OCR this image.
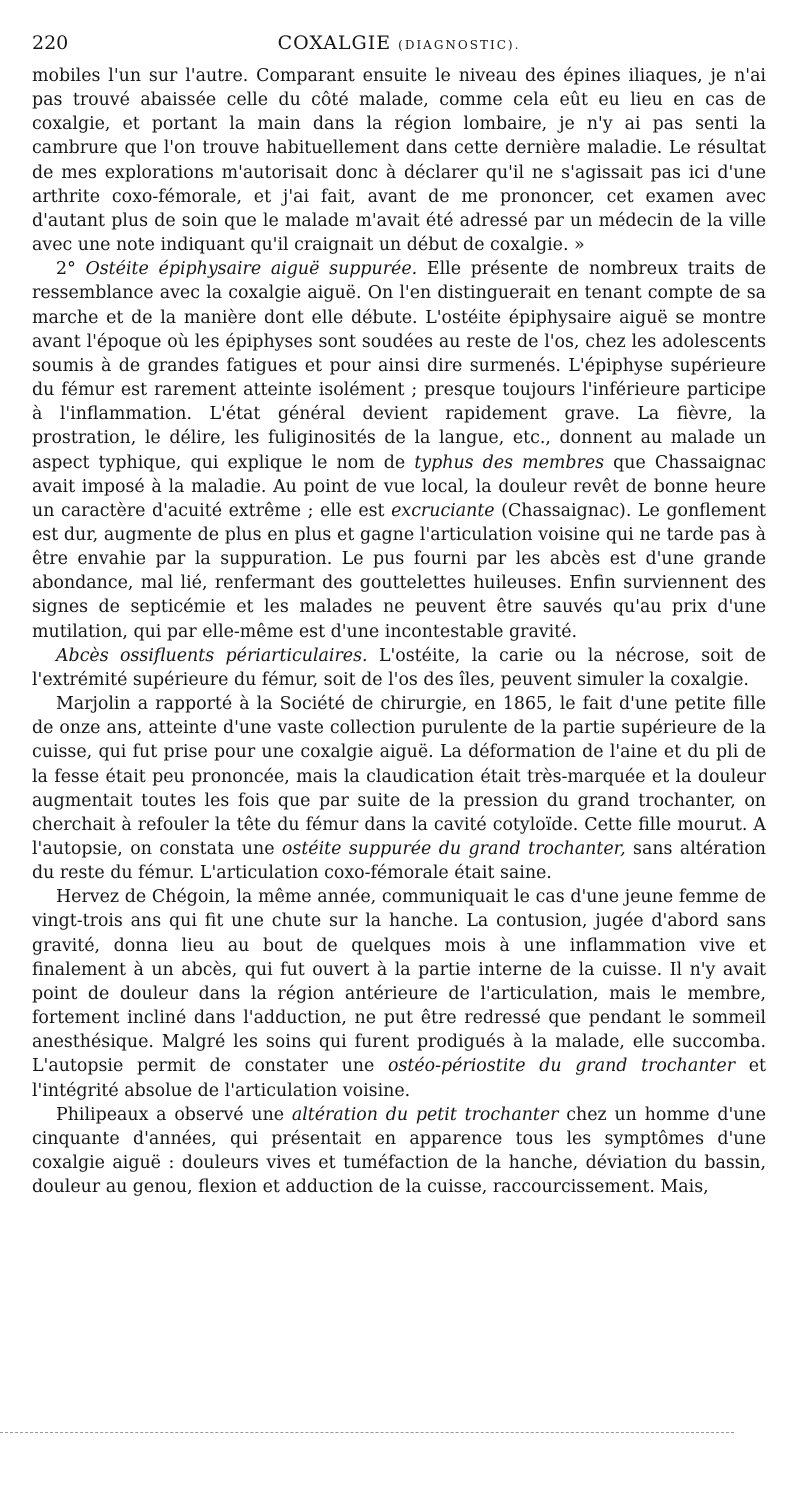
220	COXALGIE (DIAGNOSTIC).

mobiles l'un sur l'autre. Comparant ensuite le niveau des épines iliaques, je n'ai pas trouvé abaissée celle du côté malade, comme cela eût eu lieu en cas de coxalgie, et portant la main dans la région lombaire, je n'y ai pas senti la cambrure que l'on trouve habituellement dans cette dernière maladie. Le résultat de mes explorations m'autorisait donc à déclarer qu'il ne s'agissait pas ici d'une arthrite coxo-fémorale, et j'ai fait, avant de me prononcer, cet examen avec d'autant plus de soin que le malade m'avait été adressé par un médecin de la ville avec une note indiquant qu'il craignait un début de coxalgie. »

2° Ostéite épiphysaire aiguë suppurée. Elle présente de nombreux traits de ressemblance avec la coxalgie aiguë. On l'en distinguerait en tenant compte de sa marche et de la manière dont elle débute. L'ostéite épiphysaire aiguë se montre avant l'époque où les épiphyses sont soudées au reste de l'os, chez les adolescents soumis à de grandes fatigues et pour ainsi dire surmenés. L'épiphyse supérieure du fémur est rarement atteinte isolément ; presque toujours l'inférieure participe à l'inflammation. L'état général devient rapidement grave. La fièvre, la prostration, le délire, les fuliginosités de la langue, etc., donnent au malade un aspect typhique, qui explique le nom de typhus des membres que Chassaignac avait imposé à la maladie. Au point de vue local, la douleur revêt de bonne heure un caractère d'acuité extrême ; elle est excruciante (Chassaignac). Le gonflement est dur, augmente de plus en plus et gagne l'articulation voisine qui ne tarde pas à être envahie par la suppuration. Le pus fourni par les abcès est d'une grande abondance, mal lié, renfermant des gouttelettes huileuses. Enfin surviennent des signes de septicémie et les malades ne peuvent être sauvés qu'au prix d'une mutilation, qui par elle-même est d'une incontestable gravité.

Abcès ossifluents périarticulaires. L'ostéite, la carie ou la nécrose, soit de l'extrémité supérieure du fémur, soit de l'os des îles, peuvent simuler la coxalgie.

Marjolin a rapporté à la Société de chirurgie, en 1865, le fait d'une petite fille de onze ans, atteinte d'une vaste collection purulente de la partie supérieure de la cuisse, qui fut prise pour une coxalgie aiguë. La déformation de l'aine et du pli de la fesse était peu prononcée, mais la claudication était très-marquée et la douleur augmentait toutes les fois que par suite de la pression du grand trochanter, on cherchait à refouler la tête du fémur dans la cavité cotyloïde. Cette fille mourut. A l'autopsie, on constata une ostéite suppurée du grand trochanter, sans altération du reste du fémur. L'articulation coxo-fémorale était saine.

Hervez de Chégoin, la même année, communiquait le cas d'une jeune femme de vingt-trois ans qui fit une chute sur la hanche. La contusion, jugée d'abord sans gravité, donna lieu au bout de quelques mois à une inflammation vive et finalement à un abcès, qui fut ouvert à la partie interne de la cuisse. Il n'y avait point de douleur dans la région antérieure de l'articulation, mais le membre, fortement incliné dans l'adduction, ne put être redressé que pendant le sommeil anesthésique. Malgré les soins qui furent prodigués à la malade, elle succomba. L'autopsie permit de constater une ostéo-périostite du grand trochanter et l'intégrité absolue de l'articulation voisine.

Philipeaux a observé une altération du petit trochanter chez un homme d'une cinquante d'années, qui présentait en apparence tous les symptômes d'une coxalgie aiguë : douleurs vives et tuméfaction de la hanche, déviation du bassin, douleur au genou, flexion et adduction de la cuisse, raccourcissement. Mais,
